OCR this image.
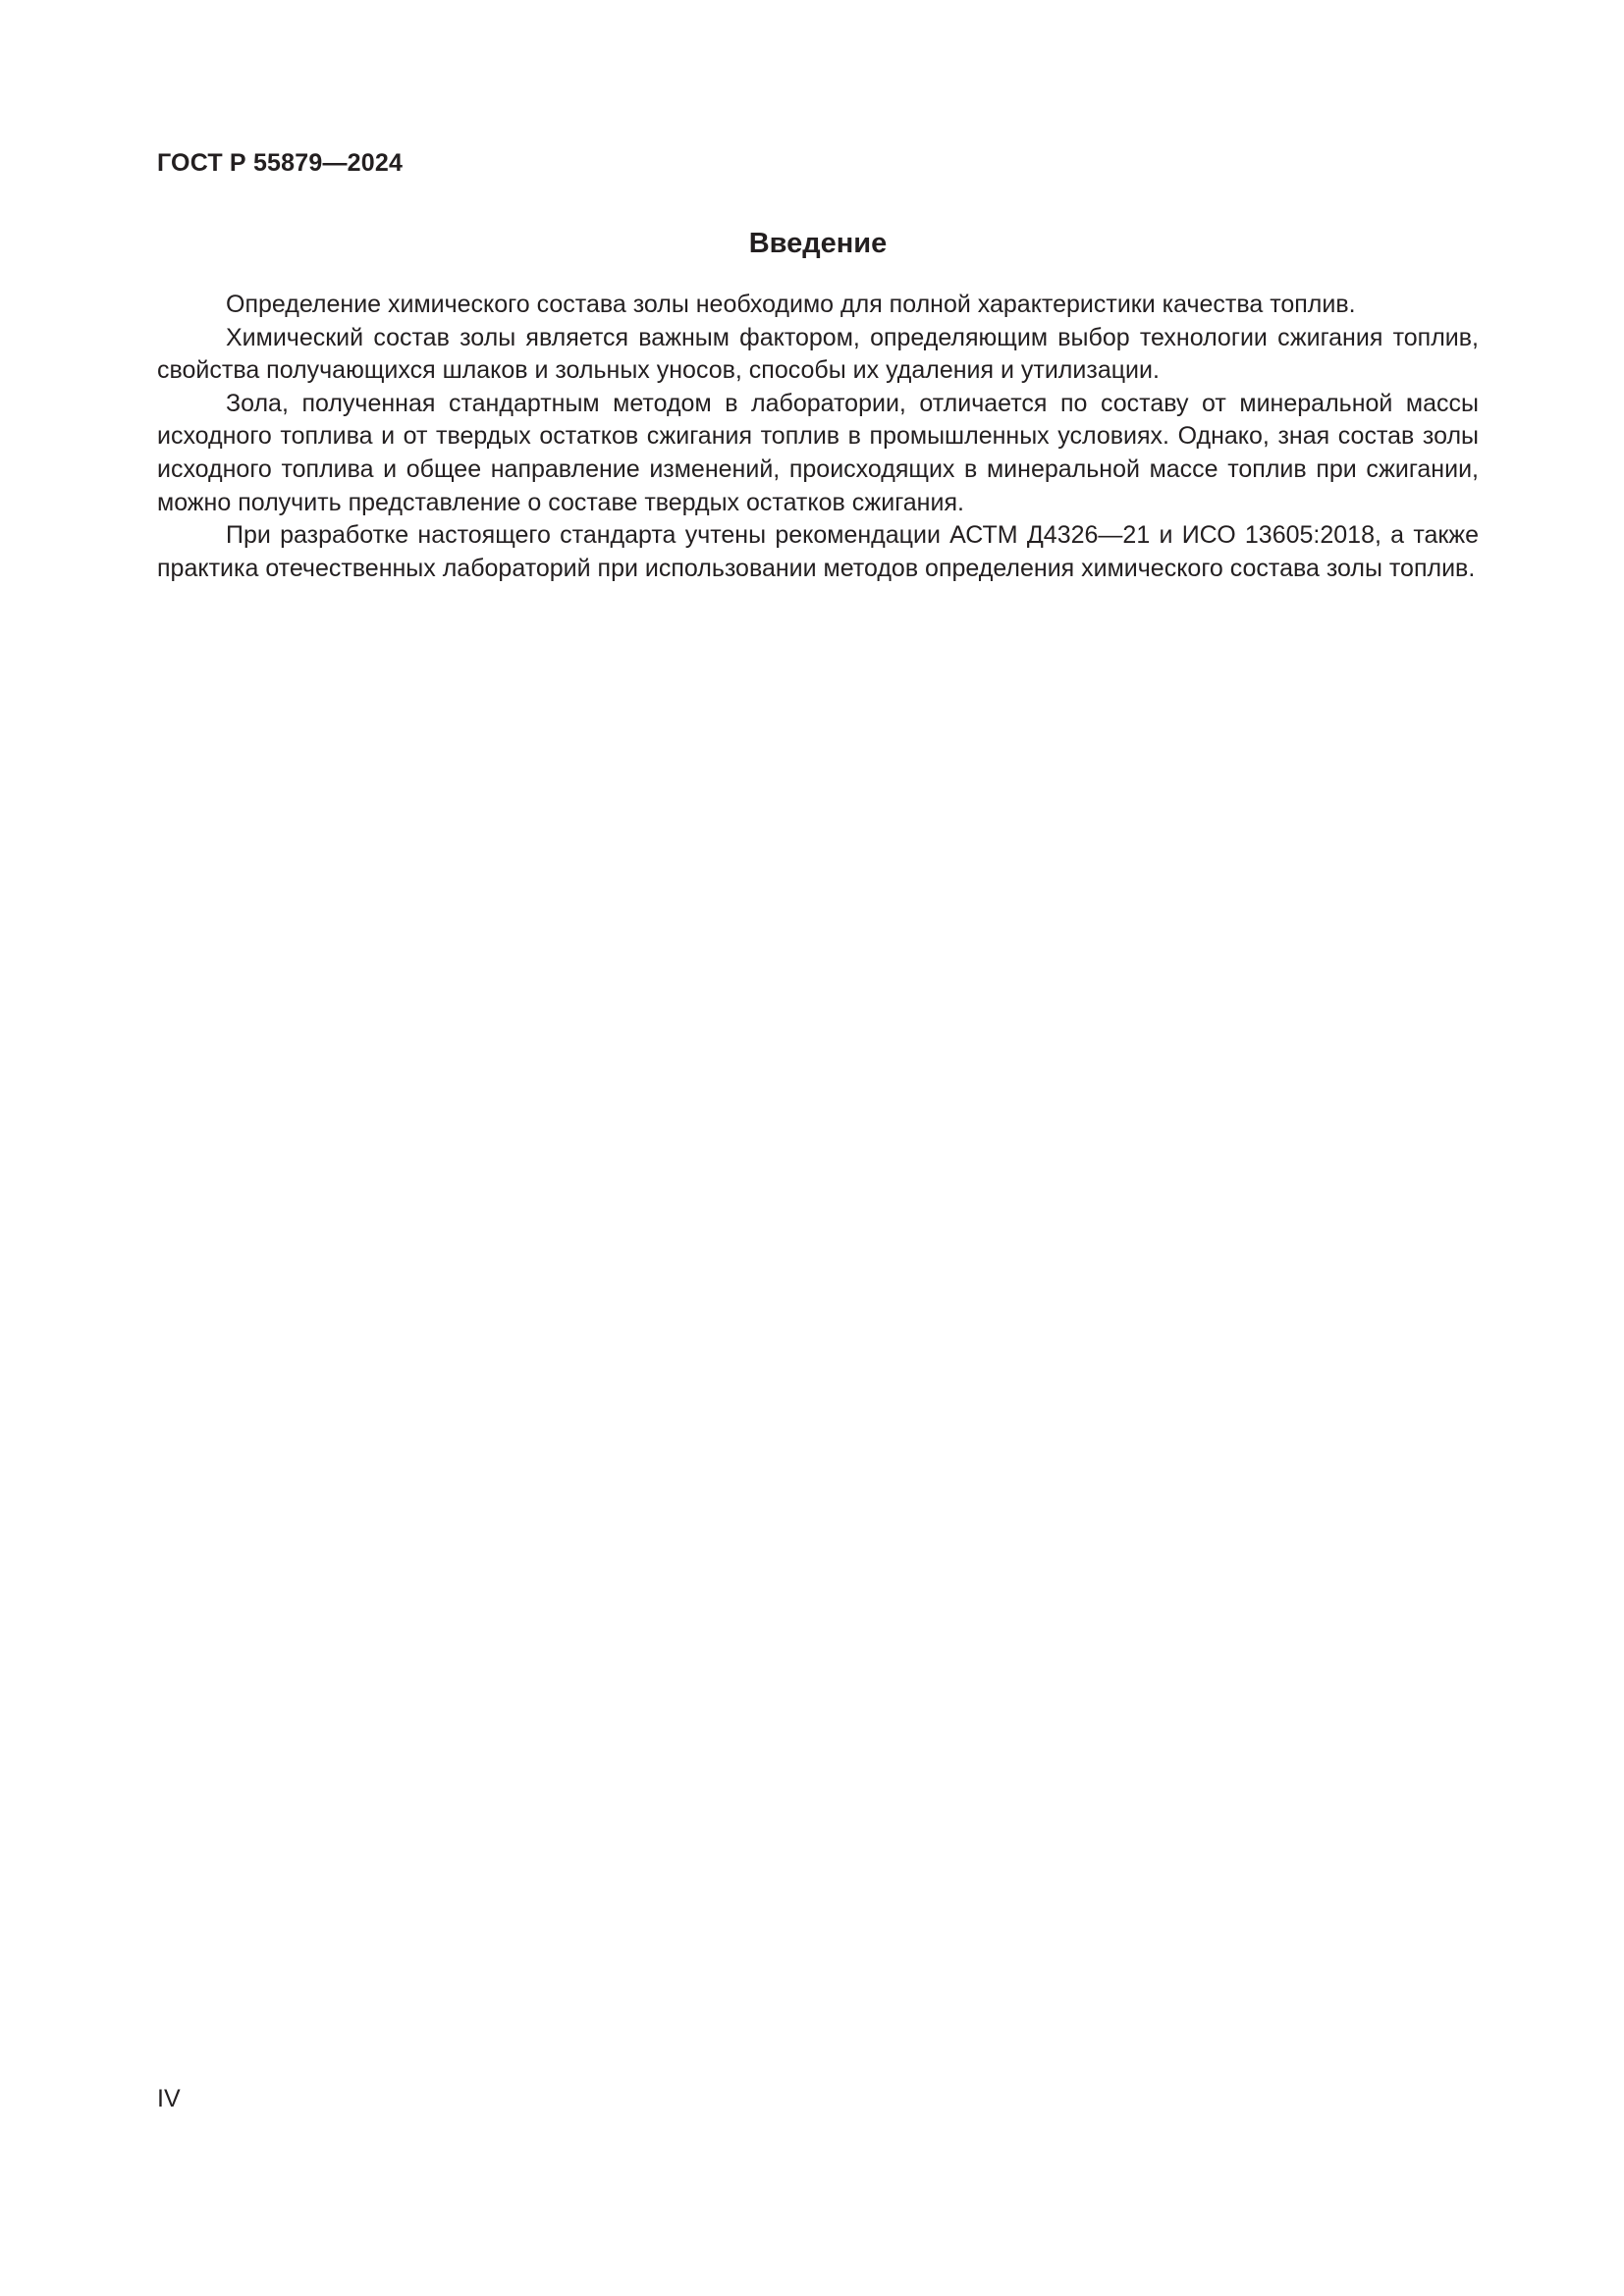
ГОСТ Р 55879—2024
Введение

Определение химического состава золы необходимо для полной характеристики качества топлив.

Химический состав золы является важным фактором, определяющим выбор технологии сжигания топлив, свойства получающихся шлаков и зольных уносов, способы их удаления и утилизации.

Зола, полученная стандартным методом в лаборатории, отличается по составу от минеральной массы исходного топлива и от твердых остатков сжигания топлив в промышленных условиях. Однако, зная состав золы исходного топлива и общее направление изменений, происходящих в минеральной массе топлив при сжигании, можно получить представление о составе твердых остатков сжигания.

При разработке настоящего стандарта учтены рекомендации АСТМ Д4326—21 и ИСО 13605:2018, а также практика отечественных лабораторий при использовании методов определения химического состава золы топлив.

IV
